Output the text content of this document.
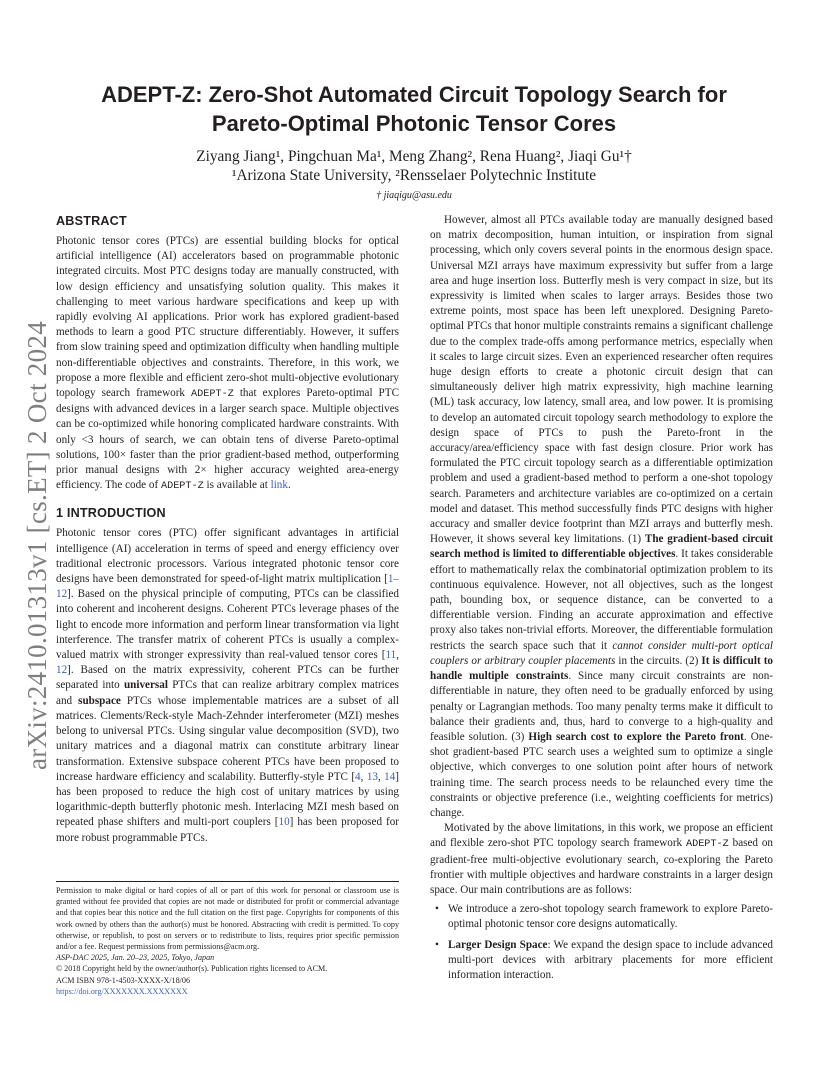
arXiv:2410.01313v1 [cs.ET] 2 Oct 2024
ADEPT-Z: Zero-Shot Automated Circuit Topology Search for
Pareto-Optimal Photonic Tensor Cores
Ziyang Jiang¹, Pingchuan Ma¹, Meng Zhang², Rena Huang², Jiaqi Gu¹†
¹Arizona State University, ²Rensselaer Polytechnic Institute
† jiaqigu@asu.edu
ABSTRACT

Photonic tensor cores (PTCs) are essential building blocks for optical artificial intelligence (AI) accelerators based on programmable photonic integrated circuits. Most PTC designs today are manually constructed, with low design efficiency and unsatisfying solution quality. This makes it challenging to meet various hardware specifications and keep up with rapidly evolving AI applications. Prior work has explored gradient-based methods to learn a good PTC structure differentiably. However, it suffers from slow training speed and optimization difficulty when handling multiple non-differentiable objectives and constraints. Therefore, in this work, we propose a more flexible and efficient zero-shot multi-objective evolutionary topology search framework ADEPT-Z that explores Pareto-optimal PTC designs with advanced devices in a larger search space. Multiple objectives can be co-optimized while honoring complicated hardware constraints. With only <3 hours of search, we can obtain tens of diverse Pareto-optimal solutions, 100× faster than the prior gradient-based method, outperforming prior manual designs with 2× higher accuracy weighted area-energy efficiency. The code of ADEPT-Z is available at link.

1 INTRODUCTION

Photonic tensor cores (PTC) offer significant advantages in artificial intelligence (AI) acceleration in terms of speed and energy efficiency over traditional electronic processors. Various integrated photonic tensor core designs have been demonstrated for speed-of-light matrix multiplication [1–12]. Based on the physical principle of computing, PTCs can be classified into coherent and incoherent designs. Coherent PTCs leverage phases of the light to encode more information and perform linear transformation via light interference. The transfer matrix of coherent PTCs is usually a complex-valued matrix with stronger expressivity than real-valued tensor cores [11, 12]. Based on the matrix expressivity, coherent PTCs can be further separated into universal PTCs that can realize arbitrary complex matrices and subspace PTCs whose implementable matrices are a subset of all matrices. Clements/Reck-style Mach-Zehnder interferometer (MZI) meshes belong to universal PTCs. Using singular value decomposition (SVD), two unitary matrices and a diagonal matrix can constitute arbitrary linear transformation. Extensive subspace coherent PTCs have been proposed to increase hardware efficiency and scalability. Butterfly-style PTC [4, 13, 14] has been proposed to reduce the high cost of unitary matrices by using logarithmic-depth butterfly photonic mesh. Interlacing MZI mesh based on repeated phase shifters and multi-port couplers [10] has been proposed for more robust programmable PTCs.

Permission to make digital or hard copies of all or part of this work for personal or classroom use is granted without fee provided that copies are not made or distributed for profit or commercial advantage and that copies bear this notice and the full citation on the first page. Copyrights for components of this work owned by others than the author(s) must be honored. Abstracting with credit is permitted. To copy otherwise, or republish, to post on servers or to redistribute to lists, requires prior specific permission and/or a fee. Request permissions from permissions@acm.org.

ASP-DAC 2025, Jan. 20–23, 2025, Tokyo, Japan

© 2018 Copyright held by the owner/author(s). Publication rights licensed to ACM.

ACM ISBN 978-1-4503-XXXX-X/18/06

https://doi.org/XXXXXXX.XXXXXXX

However, almost all PTCs available today are manually designed based on matrix decomposition, human intuition, or inspiration from signal processing, which only covers several points in the enormous design space. Universal MZI arrays have maximum expressivity but suffer from a large area and huge insertion loss. Butterfly mesh is very compact in size, but its expressivity is limited when scales to larger arrays. Besides those two extreme points, most space has been left unexplored. Designing Pareto-optimal PTCs that honor multiple constraints remains a significant challenge due to the complex trade-offs among performance metrics, especially when it scales to large circuit sizes. Even an experienced researcher often requires huge design efforts to create a photonic circuit design that can simultaneously deliver high matrix expressivity, high machine learning (ML) task accuracy, low latency, small area, and low power. It is promising to develop an automated circuit topology search methodology to explore the design space of PTCs to push the Pareto-front in the accuracy/area/efficiency space with fast design closure. Prior work has formulated the PTC circuit topology search as a differentiable optimization problem and used a gradient-based method to perform a one-shot topology search. Parameters and architecture variables are co-optimized on a certain model and dataset. This method successfully finds PTC designs with higher accuracy and smaller device footprint than MZI arrays and butterfly mesh. However, it shows several key limitations. (1) The gradient-based circuit search method is limited to differentiable objectives. It takes considerable effort to mathematically relax the combinatorial optimization problem to its continuous equivalence. However, not all objectives, such as the longest path, bounding box, or sequence distance, can be converted to a differentiable version. Finding an accurate approximation and effective proxy also takes non-trivial efforts. Moreover, the differentiable formulation restricts the search space such that it cannot consider multi-port optical couplers or arbitrary coupler placements in the circuits. (2) It is difficult to handle multiple constraints. Since many circuit constraints are non-differentiable in nature, they often need to be gradually enforced by using penalty or Lagrangian methods. Too many penalty terms make it difficult to balance their gradients and, thus, hard to converge to a high-quality and feasible solution. (3) High search cost to explore the Pareto front. One-shot gradient-based PTC search uses a weighted sum to optimize a single objective, which converges to one solution point after hours of network training time. The search process needs to be relaunched every time the constraints or objective preference (i.e., weighting coefficients for metrics) change.

Motivated by the above limitations, in this work, we propose an efficient and flexible zero-shot PTC topology search framework ADEPT-Z based on gradient-free multi-objective evolutionary search, co-exploring the Pareto frontier with multiple objectives and hardware constraints in a larger design space. Our main contributions are as follows:

• We introduce a zero-shot topology search framework to explore Pareto-optimal photonic tensor core designs automatically.
• Larger Design Space: We expand the design space to include advanced multi-port devices with arbitrary placements for more efficient information interaction.
